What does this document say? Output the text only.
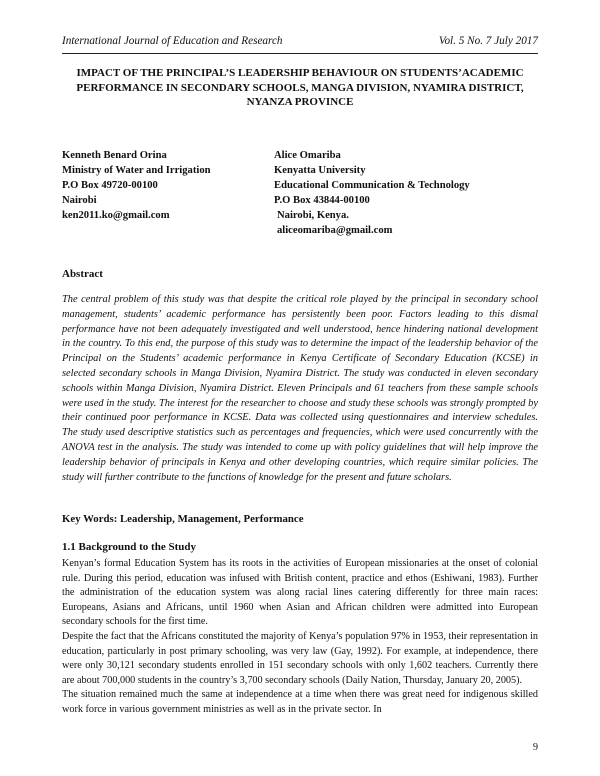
International Journal of Education and Research	Vol. 5 No. 7 July 2017
IMPACT OF THE PRINCIPAL’S LEADERSHIP BEHAVIOUR ON STUDENTS’ACADEMIC PERFORMANCE IN SECONDARY SCHOOLS, MANGA DIVISION, NYAMIRA DISTRICT, NYANZA PROVINCE
Kenneth Benard Orina
Ministry of Water and Irrigation
P.O Box 49720-00100
Nairobi
ken2011.ko@gmail.com
Alice Omariba
Kenyatta University
Educational Communication & Technology
P.O Box 43844-00100
Nairobi, Kenya.
aliceomariba@gmail.com
Abstract

The central problem of this study was that despite the critical role played by the principal in secondary school management, students’ academic performance has persistently been poor. Factors leading to this dismal performance have not been adequately investigated and well understood, hence hindering national development in the country. To this end, the purpose of this study was to determine the impact of the leadership behavior of the Principal on the Students’ academic performance in Kenya Certificate of Secondary Education (KCSE) in selected secondary schools in Manga Division, Nyamira District. The study was conducted in eleven secondary schools within Manga Division, Nyamira District. Eleven Principals and 61 teachers from these sample schools were used in the study. The interest for the researcher to choose and study these schools was strongly prompted by their continued poor performance in KCSE. Data was collected using questionnaires and interview schedules. The study used descriptive statistics such as percentages and frequencies, which were used concurrently with the ANOVA test in the analysis. The study was intended to come up with policy guidelines that will help improve the leadership behavior of principals in Kenya and other developing countries, which require similar policies. The study will further contribute to the functions of knowledge for the present and future scholars.

Key Words: Leadership, Management, Performance
1.1 Background to the Study

Kenyan’s formal Education System has its roots in the activities of European missionaries at the onset of colonial rule. During this period, education was infused with British content, practice and ethos (Eshiwani, 1983). Further the administration of the education system was along racial lines catering differently for three main races: Europeans, Asians and Africans, until 1960 when Asian and African children were admitted into European secondary schools for the first time.

Despite the fact that the Africans constituted the majority of Kenya’s population 97% in 1953, their representation in education, particularly in post primary schooling, was very law (Gay, 1992). For example, at independence, there were only 30,121 secondary students enrolled in 151 secondary schools with only 1,602 teachers. Currently there are about 700,000 students in the country’s 3,700 secondary schools (Daily Nation, Thursday, January 20, 2005).

The situation remained much the same at independence at a time when there was great need for indigenous skilled work force in various government ministries as well as in the private sector. In

9
